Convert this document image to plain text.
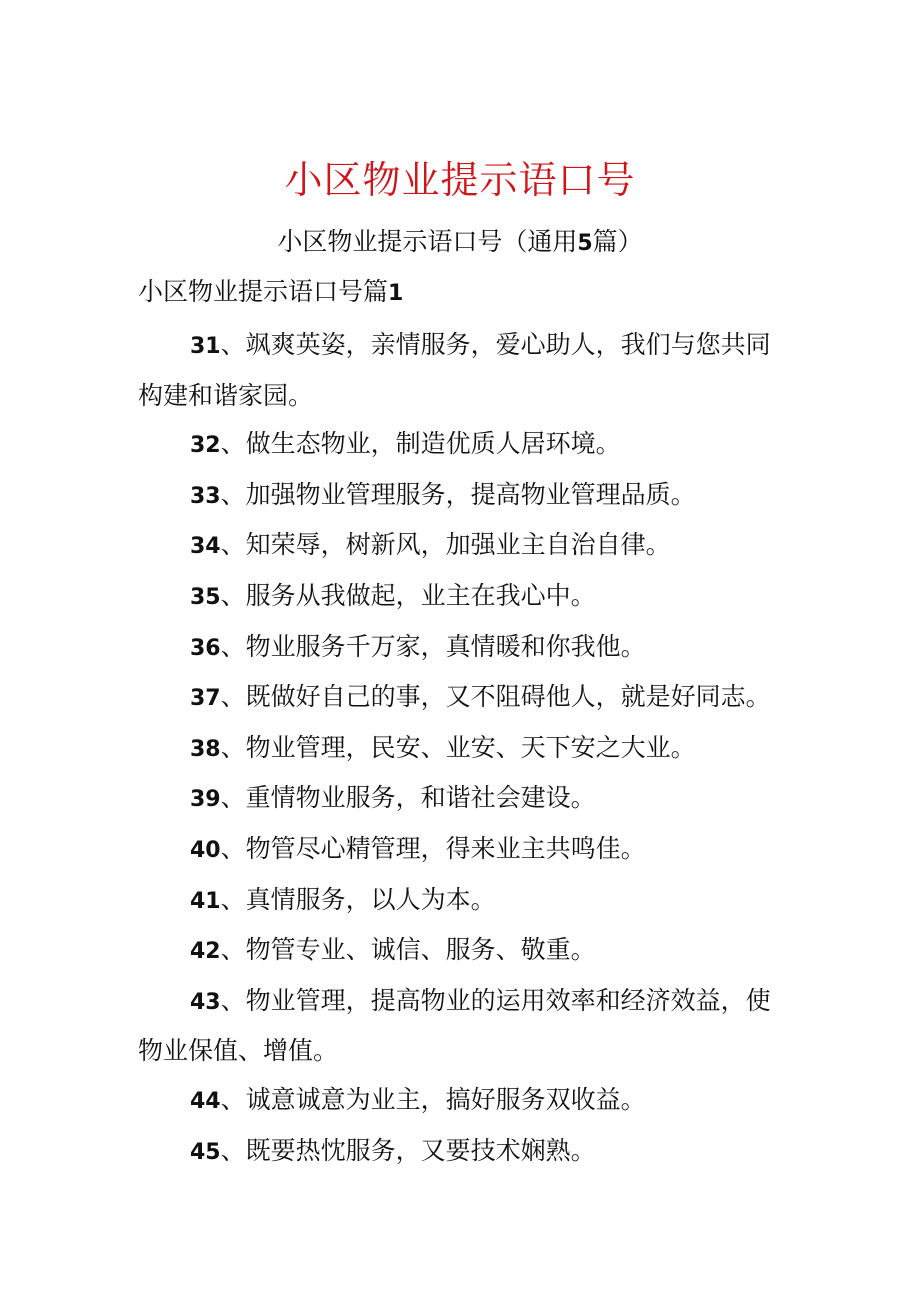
小区物业提示语口号
小区物业提示语口号（通用5篇）
小区物业提示语口号篇1

31、飒爽英姿，亲情服务，爱心助人，我们与您共同构建和谐家园。

32、做生态物业，制造优质人居环境。

33、加强物业管理服务，提高物业管理品质。

34、知荣辱，树新风，加强业主自治自律。

35、服务从我做起，业主在我心中。

36、物业服务千万家，真情暖和你我他。

37、既做好自己的事，又不阻碍他人，就是好同志。

38、物业管理，民安、业安、天下安之大业。

39、重情物业服务，和谐社会建设。

40、物管尽心精管理，得来业主共鸣佳。

41、真情服务，以人为本。

42、物管专业、诚信、服务、敬重。

43、物业管理，提高物业的运用效率和经济效益，使物业保值、增值。

44、诚意诚意为业主，搞好服务双收益。

45、既要热忱服务，又要技术娴熟。
